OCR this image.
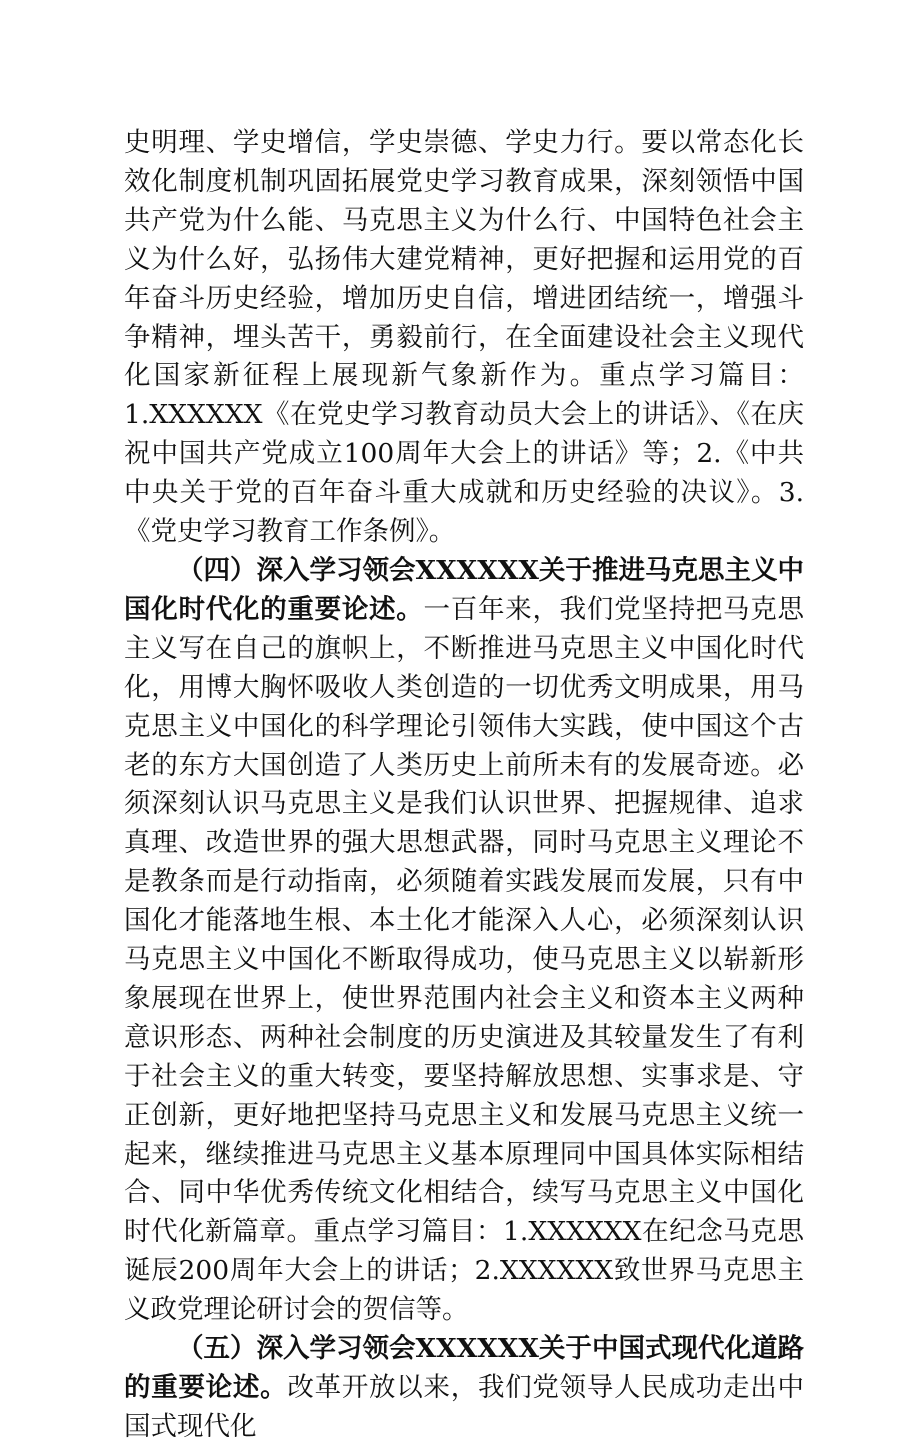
史明理、学史增信，学史崇德、学史力行。要以常态化长效化制度机制巩固拓展党史学习教育成果，深刻领悟中国共产党为什么能、马克思主义为什么行、中国特色社会主义为什么好，弘扬伟大建党精神，更好把握和运用党的百年奋斗历史经验，增加历史自信，增进团结统一，增强斗争精神，埋头苦干，勇毅前行，在全面建设社会主义现代化国家新征程上展现新气象新作为。重点学习篇目：1.XXXXXX《在党史学习教育动员大会上的讲话》、《在庆祝中国共产党成立100周年大会上的讲话》等；2.《中共中央关于党的百年奋斗重大成就和历史经验的决议》。3.《党史学习教育工作条例》。

（四）深入学习领会XXXXXX关于推进马克思主义中国化时代化的重要论述。一百年来，我们党坚持把马克思主义写在自己的旗帜上，不断推进马克思主义中国化时代化，用博大胸怀吸收人类创造的一切优秀文明成果，用马克思主义中国化的科学理论引领伟大实践，使中国这个古老的东方大国创造了人类历史上前所未有的发展奇迹。必须深刻认识马克思主义是我们认识世界、把握规律、追求真理、改造世界的强大思想武器，同时马克思主义理论不是教条而是行动指南，必须随着实践发展而发展，只有中国化才能落地生根、本土化才能深入人心，必须深刻认识马克思主义中国化不断取得成功，使马克思主义以崭新形象展现在世界上，使世界范围内社会主义和资本主义两种意识形态、两种社会制度的历史演进及其较量发生了有利于社会主义的重大转变，要坚持解放思想、实事求是、守正创新，更好地把坚持马克思主义和发展马克思主义统一起来，继续推进马克思主义基本原理同中国具体实际相结合、同中华优秀传统文化相结合，续写马克思主义中国化时代化新篇章。重点学习篇目：1.XXXXXX在纪念马克思诞辰200周年大会上的讲话；2.XXXXXX致世界马克思主义政党理论研讨会的贺信等。

（五）深入学习领会XXXXXX关于中国式现代化道路的重要论述。改革开放以来，我们党领导人民成功走出中国式现代化
